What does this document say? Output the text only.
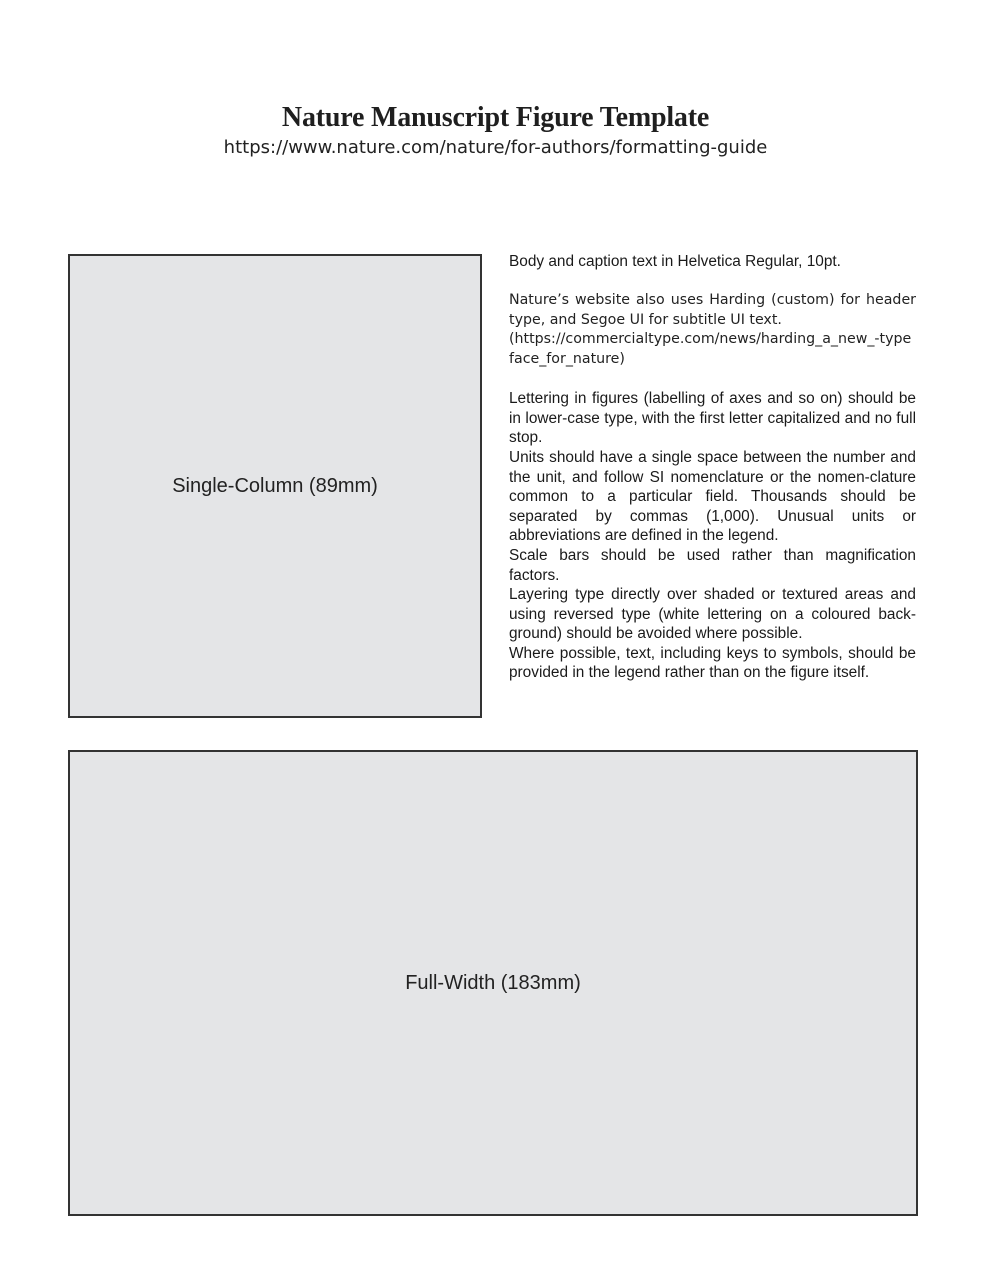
Nature Manuscript Figure Template
https://www.nature.com/nature/for-authors/formatting-guide
Single-Column (89mm)

Body and caption text in Helvetica Regular, 10pt.

Nature’s website also uses Harding (custom) for header type, and Segoe UI for subtitle UI text.

(https://commercialtype.com/news/harding_a_new_-typeface_for_nature)

Lettering in figures (labelling of axes and so on) should be in lower-case type, with the first letter capitalized and no full stop.

Units should have a single space between the number and the unit, and follow SI nomenclature or the nomen-clature common to a particular field. Thousands should be separated by commas (1,000). Unusual units or abbreviations are defined in the legend.

Scale bars should be used rather than magnification factors.

Layering type directly over shaded or textured areas and using reversed type (white lettering on a coloured back-ground) should be avoided where possible.

Where possible, text, including keys to symbols, should be provided in the legend rather than on the figure itself.

Full-Width (183mm)
